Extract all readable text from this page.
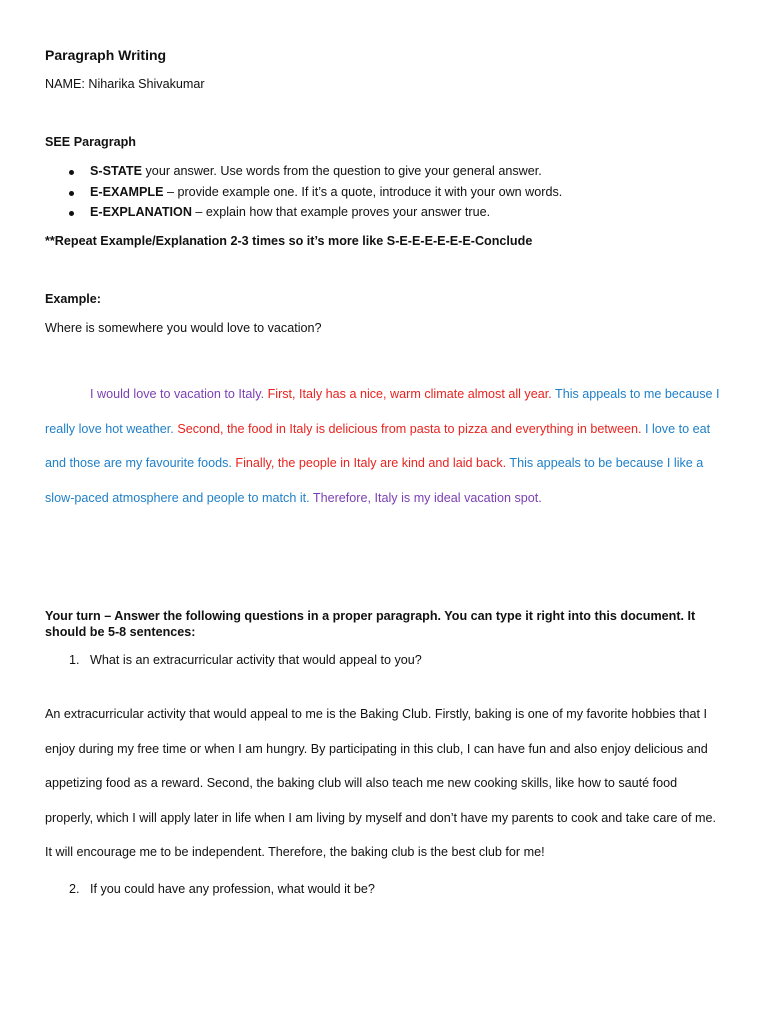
Paragraph Writing
NAME: Niharika Shivakumar
SEE Paragraph
S-STATE your answer. Use words from the question to give your general answer.
E-EXAMPLE – provide example one. If it’s a quote, introduce it with your own words.
E-EXPLANATION – explain how that example proves your answer true.
**Repeat Example/Explanation 2-3 times so it’s more like S-E-E-E-E-E-E-Conclude
Example:
Where is somewhere you would love to vacation?
I would love to vacation to Italy. First, Italy has a nice, warm climate almost all year. This appeals to me because I really love hot weather. Second, the food in Italy is delicious from pasta to pizza and everything in between. I love to eat and those are my favourite foods. Finally, the people in Italy are kind and laid back. This appeals to be because I like a slow-paced atmosphere and people to match it. Therefore, Italy is my ideal vacation spot.
Your turn – Answer the following questions in a proper paragraph. You can type it right into this document. It should be 5-8 sentences:
1. What is an extracurricular activity that would appeal to you?
An extracurricular activity that would appeal to me is the Baking Club. Firstly, baking is one of my favorite hobbies that I enjoy during my free time or when I am hungry. By participating in this club, I can have fun and also enjoy delicious and appetizing food as a reward. Second, the baking club will also teach me new cooking skills, like how to sauté food properly, which I will apply later in life when I am living by myself and don’t have my parents to cook and take care of me. It will encourage me to be independent. Therefore, the baking club is the best club for me!
2. If you could have any profession, what would it be?
